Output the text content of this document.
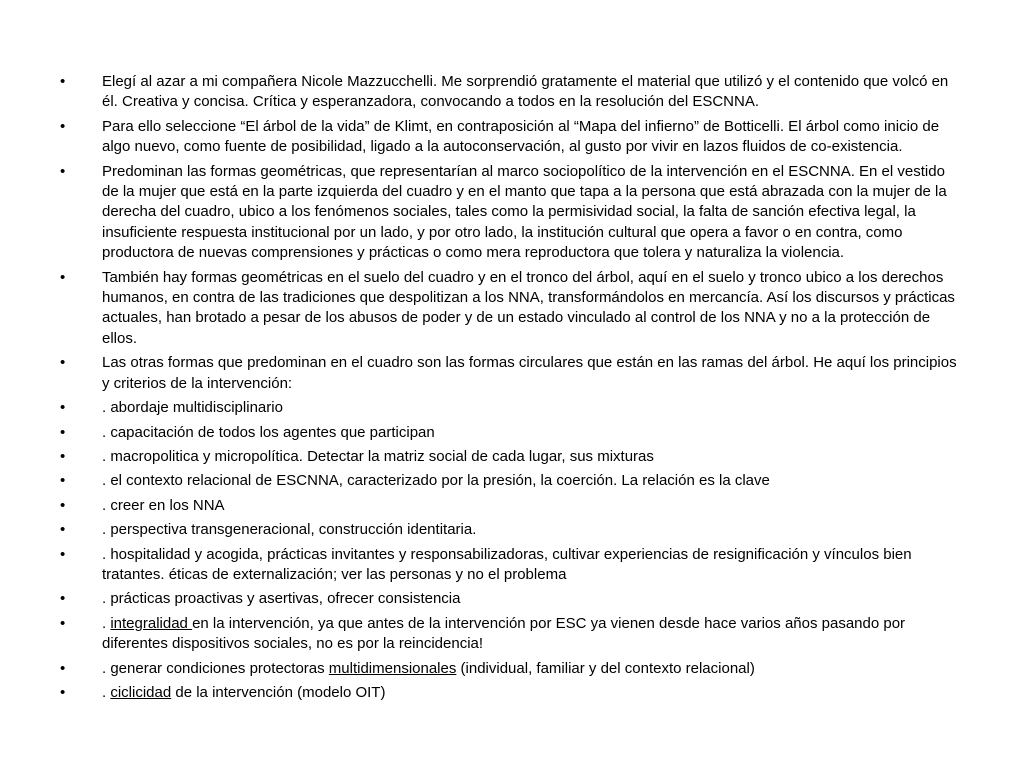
•	Elegí al azar a mi compañera Nicole Mazzucchelli. Me sorprendió gratamente el material que utilizó y el contenido que volcó en él. Creativa y concisa. Crítica y esperanzadora, convocando a todos en la resolución del ESCNNA.
•	Para ello seleccione “El árbol de la vida” de Klimt, en contraposición al “Mapa del infierno” de Botticelli. El árbol como inicio de algo nuevo, como fuente de posibilidad, ligado a la autoconservación, al gusto por vivir en lazos fluidos de co-existencia.
•	Predominan las formas geométricas, que representarían al marco sociopolítico de la intervención en el ESCNNA. En el vestido de la mujer que está en la parte izquierda del cuadro y en el manto que tapa a la persona que está abrazada con la mujer de la derecha del cuadro, ubico a los fenómenos sociales, tales como la permisividad social, la falta de sanción efectiva legal, la insuficiente respuesta institucional por un lado, y por otro lado, la institución cultural que opera a favor o en contra, como productora de nuevas comprensiones y prácticas o como mera reproductora que tolera y naturaliza la violencia.
•	También hay formas geométricas en el suelo del cuadro y en el tronco del árbol, aquí en el suelo y tronco ubico a los derechos humanos, en contra de las tradiciones que despolitizan a los NNA, transformándolos en mercancía. Así los discursos y prácticas actuales, han brotado a pesar de los abusos de poder y de un estado vinculado al control de los NNA y no a la protección de ellos.
•	Las otras formas que predominan en el cuadro son las formas circulares que están en las ramas del árbol. He aquí los principios y criterios de la intervención:
•	. abordaje multidisciplinario
•	. capacitación de todos los agentes que participan
•	. macropolitica y micropolítica. Detectar la matriz social de cada lugar, sus mixturas
•	. el contexto relacional de ESCNNA, caracterizado por la presión, la coerción. La relación es la clave
•	. creer en los NNA
•	. perspectiva transgeneracional, construcción identitaria.
•	. hospitalidad y acogida, prácticas invitantes y responsabilizadoras, cultivar experiencias de resignificación y vínculos bien tratantes. éticas de externalización; ver las personas y no el problema
•	. prácticas proactivas y asertivas, ofrecer consistencia
•	. integralidad en la intervención, ya que antes de la intervención por ESC ya vienen desde hace varios años pasando por diferentes dispositivos sociales, no es por la reincidencia!
•	. generar condiciones protectoras multidimensionales (individual, familiar y del contexto relacional)
•	. ciclicidad de la intervención (modelo OIT)
